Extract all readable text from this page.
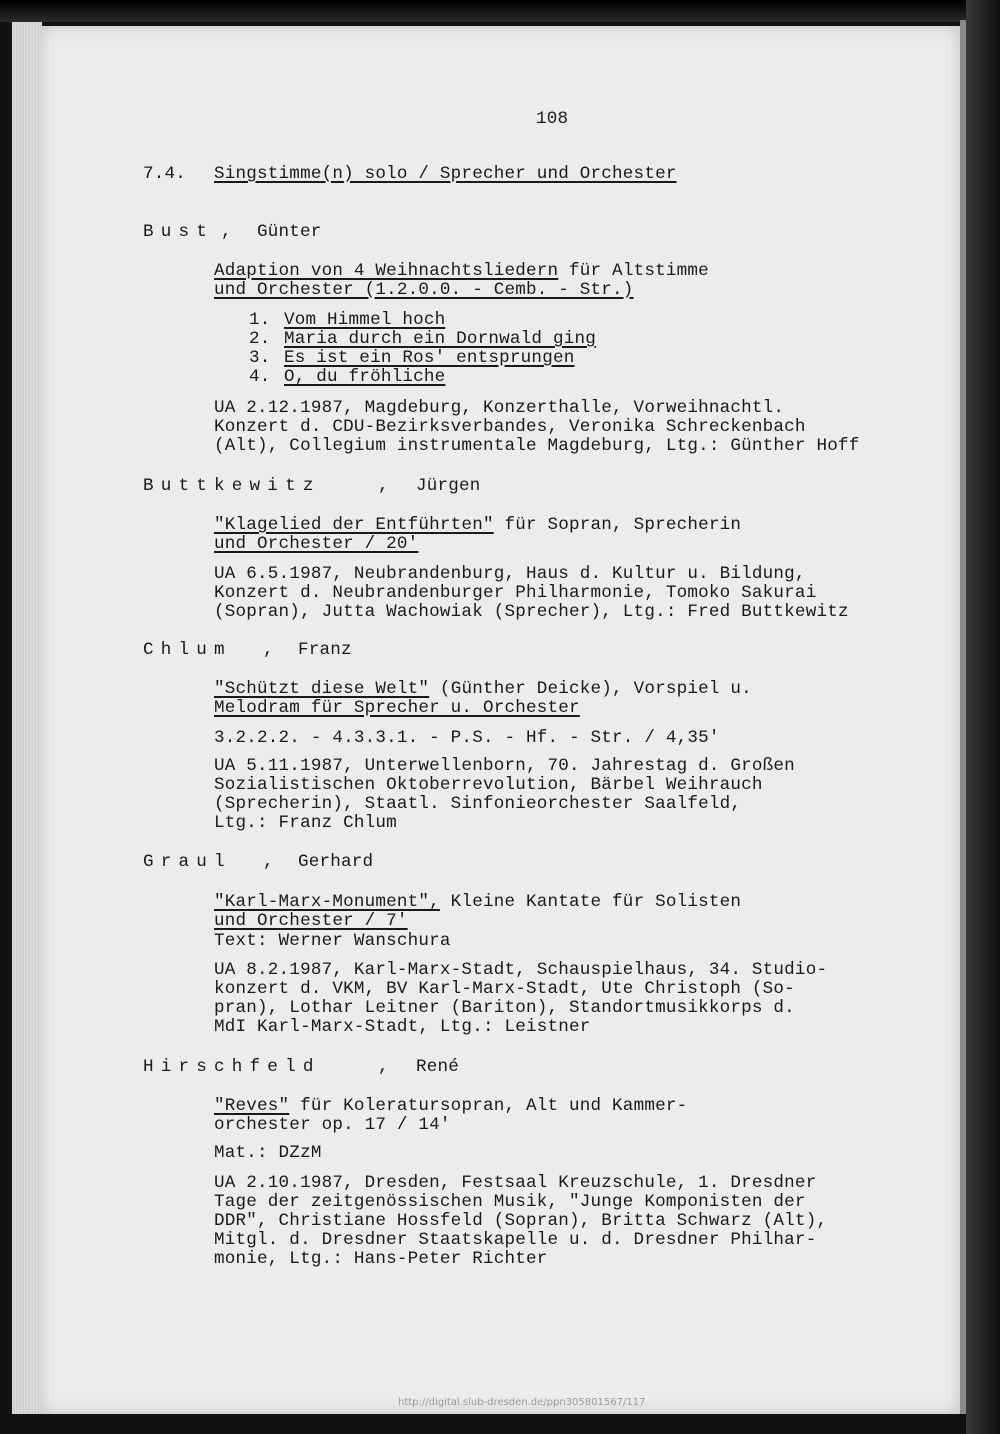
108
7.4. Singstimme(n) solo / Sprecher und Orchester
Bust , Günter
Adaption von 4 Weihnachtsliedern für Altstimme
und Orchester (1.2.0.0. - Cemb. - Str.)
1. Vom Himmel hoch
2. Maria durch ein Dornwald ging
3. Es ist ein Ros' entsprungen
4. O, du fröhliche
UA 2.12.1987, Magdeburg, Konzerthalle, Vorweihnachtl.
Konzert d. CDU-Bezirksverbandes, Veronika Schreckenbach
(Alt), Collegium instrumentale Magdeburg, Ltg.: Günther Hoff
Buttkewitz	, Jürgen
"Klagelied der Entführten" für Sopran, Sprecherin
und Orchester / 20'
UA 6.5.1987, Neubrandenburg, Haus d. Kultur u. Bildung,
Konzert d. Neubrandenburger Philharmonie, Tomoko Sakurai
(Sopran), Jutta Wachowiak (Sprecher), Ltg.: Fred Buttkewitz
Chlum , Franz
"Schützt diese Welt" (Günther Deicke), Vorspiel u.
Melodram für Sprecher u. Orchester
3.2.2.2. - 4.3.3.1. - P.S. - Hf. - Str. / 4,35'
UA 5.11.1987, Unterwellenborn, 70. Jahrestag d. Großen
Sozialistischen Oktoberrevolution, Bärbel Weihrauch
(Sprecherin), Staatl. Sinfonieorchester Saalfeld,
Ltg.: Franz Chlum
Graul , Gerhard
"Karl-Marx-Monument", Kleine Kantate für Solisten
und Orchester / 7'
Text: Werner Wanschura
UA 8.2.1987, Karl-Marx-Stadt, Schauspielhaus, 34. Studio-
konzert d. VKM, BV Karl-Marx-Stadt, Ute Christoph (So-
pran), Lothar Leitner (Bariton), Standortmusikkorps d.
MdI Karl-Marx-Stadt, Ltg.: Leistner
Hirschfeld	, René
"Reves" für Koleratursopran, Alt und Kammer-
orchester op. 17 / 14'
Mat.: DZzM
UA 2.10.1987, Dresden, Festsaal Kreuzschule, 1. Dresdner
Tage der zeitgenössischen Musik, "Junge Komponisten der
DDR", Christiane Hossfeld (Sopran), Britta Schwarz (Alt),
Mitgl. d. Dresdner Staatskapelle u. d. Dresdner Philhar-
monie, Ltg.: Hans-Peter Richter
http://digital.slub-dresden.de/ppn305801567/117
